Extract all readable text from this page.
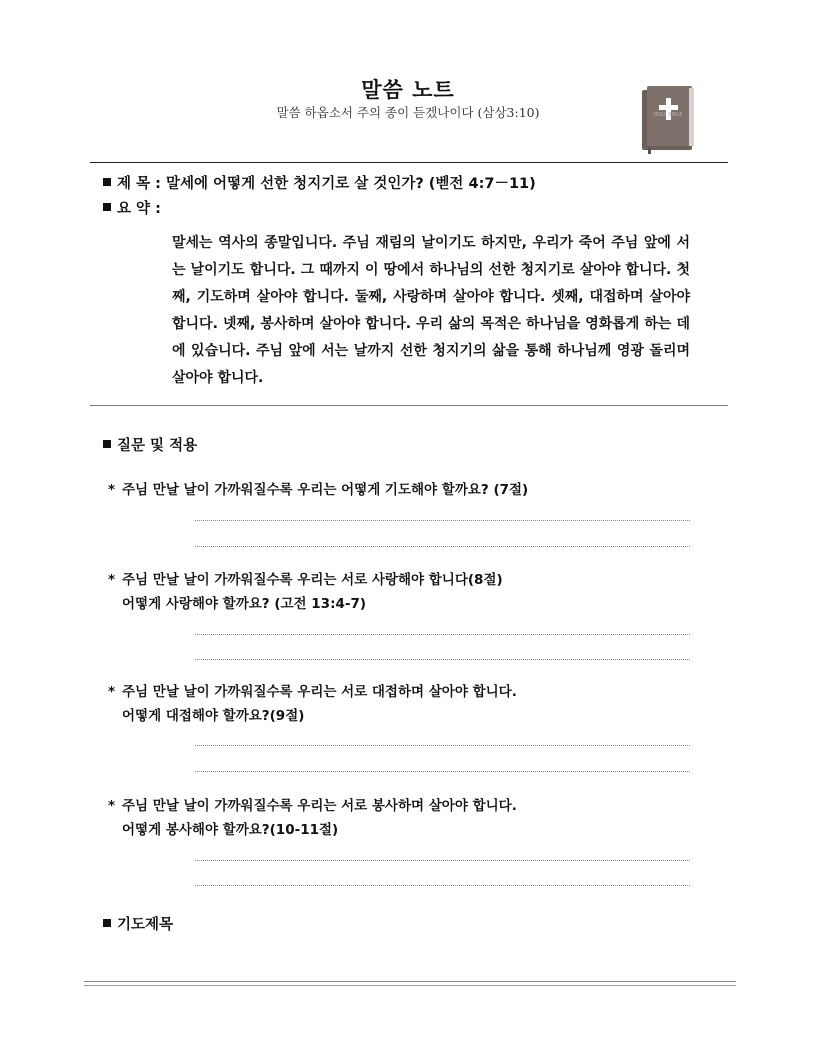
말씀 노트
말씀 하옵소서 주의 종이 듣겠나이다 (삼상3:10)	HOLY BIBLE
제 목 : 말세에 어떻게 선한 청지기로 살 것인가? (벧전 4:7－11)
요 약 :
말세는 역사의 종말입니다. 주님 재림의 날이기도 하지만, 우리가 죽어 주님 앞에 서는 날이기도 합니다. 그 때까지 이 땅에서 하나님의 선한 청지기로 살아야 합니다. 첫째, 기도하며 살아야 합니다. 둘째, 사랑하며 살아야 합니다. 셋째, 대접하며 살아야 합니다. 넷째, 봉사하며 살아야 합니다. 우리 삶의 목적은 하나님을 영화롭게 하는 데에 있습니다. 주님 앞에 서는 날까지 선한 청지기의 삶을 통해 하나님께 영광 돌리며 살아야 합니다.
질문 및 적용
* 주님 만날 날이 가까워질수록 우리는 어떻게 기도해야 할까요? (7절)
* 주님 만날 날이 가까워질수록 우리는 서로 사랑해야 합니다(8절)
어떻게 사랑해야 할까요? (고전 13:4-7)
* 주님 만날 날이 가까워질수록 우리는 서로 대접하며 살아야 합니다.
어떻게 대접해야 할까요?(9절)
* 주님 만날 날이 가까워질수록 우리는 서로 봉사하며 살아야 합니다.
어떻게 봉사해야 할까요?(10-11절)
기도제목
